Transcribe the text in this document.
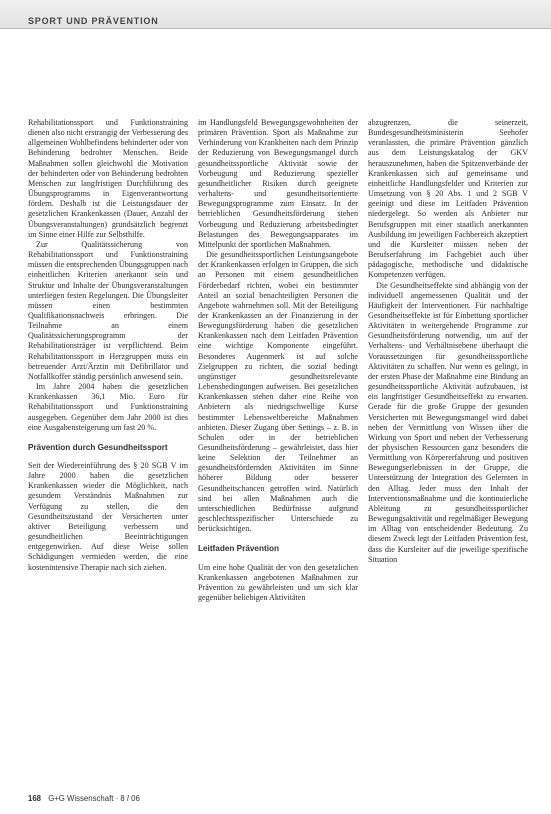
SPORT UND PRÄVENTION

Rehabilitationssport und Funktionstraining dienen also nicht erstrangig der Verbesserung des allgemeinen Wohlbefindens behinderter oder von Behinderung bedrohter Menschen. Beide Maßnahmen sollen gleichwohl die Motivation der behinderten oder von Behinderung bedrohten Menschen zur langfristigen Durchführung des Übungsprogramms in Eigenverantwortung fördern. Deshalb ist die Leistungsdauer der gesetzlichen Krankenkassen (Dauer, Anzahl der Übungsveranstaltungen) grundsätzlich begrenzt im Sinne einer Hilfe zur Selbsthilfe.

Zur Qualitätssicherung von Rehabilitationssport und Funktionstraining müssen die entsprechenden Übungsgruppen nach einheitlichen Kriterien anerkannt sein und Struktur und Inhalte der Übungsveranstaltungen unterliegen festen Regelungen. Die Übungsleiter müssen einen bestimmten Qualifikationsnachweis erbringen. Die Teilnahme an einem Qualitätssicherungsprogramm der Rehabilitationsträger ist verpflichtend. Beim Rehabilitationssport in Herzgruppen muss ein betreuender Arzt/Ärztin mit Defibrillator und Notfallkoffer ständig persönlich anwesend sein.

Im Jahre 2004 haben die gesetzlichen Krankenkassen 36,1 Mio. Euro für Rehabilitationssport und Funktionstraining ausgegeben. Gegenüber dem Jahr 2000 ist dies eine Ausgabensteigerung um fast 20 %.

Prävention durch Gesundheitssport

Seit der Wiedereinführung des § 20 SGB V im Jahre 2000 haben die gesetzlichen Krankenkassen wieder die Möglichkeit, nach gesundem Verständnis Maßnahmen zur Verfügung zu stellen, die den Gesundheitszustand der Versicherten unter aktiver Beteiligung verbessern und gesundheitlichen Beeinträchtigungen entgegenwirken. Auf diese Weise sollen Schädigungen vermieden werden, die eine kostenintensive Therapie nach sich ziehen.

im Handlungsfeld Bewegungsgewohnheiten der primären Prävention. Sport als Maßnahme zur Verhinderung von Krankheiten nach dem Prinzip der Reduzierung von Bewegungsmangel durch gesundheitssportliche Aktivität sowie der Vorbeugung und Reduzierung spezieller gesundheitlicher Risiken durch geeignete verhaltens- und gesundheitsorientierte Bewegungsprogramme zum Einsatz. In der betrieblichen Gesundheitsförderung stehen Vorbeugung und Reduzierung arbeitsbedingter Belastungen des Bewegungsapparates im Mittelpunkt der sportlichen Maßnahmen.

Die gesundheitssportlichen Leistungsangebote der Krankenkassen erfolgen in Gruppen, die sich an Personen mit einem gesundheitlichen Förderbedarf richten, wobei ein bestimmter Anteil an sozial benachteiligten Personen die Angebote wahrnehmen soll. Mit der Beteiligung der Krankenkassen an der Finanzierung in der Bewegungsförderung haben die gesetzlichen Krankenkassen nach dem Leitfaden Prävention eine wichtige Komponente eingeführt. Besonderes Augenmerk ist auf solche Zielgruppen zu richten, die sozial bedingt ungünstiger gesundheitsrelevante Lebensbedingungen aufweisen. Bei gesetzlichen Krankenkassen stehen daher eine Reihe von Anbietern als niedrigschwellige Kurse bestimmter Lebensweltbereiche Maßnahmen anbieten. Dieser Zugang über Settings – z. B. in Schulen oder in der betrieblichen Gesundheitsförderung – gewährleistet, dass hier keine Selektion der Teilnehmer an gesundheitsfördernden Aktivitäten im Sinne höherer Bildung oder besserer Gesundheitschancen getroffen wird. Natürlich sind bei allen Maßnahmen auch die unterschiedlichen Bedürfnisse aufgrund geschlechtsspezifischer Unterschiede zu berücksichtigen.

Leitfaden Prävention

Um eine hohe Qualität der von den gesetzlichen Krankenkassen angebotenen Maßnahmen zur Prävention zu gewährleisten und um sich klar gegenüber beliebigen Aktivitäten

abzugrenzen, die seinerzeit, Bundesgesundheitsministerin Seehofer veranlassten, die primäre Prävention gänzlich aus dem Leistungskatalog der GKV herauszunehmen, haben die Spitzenverbände der Krankenkassen sich auf gemeinsame und einheitliche Handlungsfelder und Kriterien zur Umsetzung von § 20 Abs. 1 und 2 SGB V geeinigt und diese im Leitfaden Prävention niedergelegt. So werden als Anbieter nur Berufsgruppen mit einer staatlich anerkannten Ausbildung im jeweiligen Fachbereich akzeptiert und die Kursleiter müssen neben der Berufserfahrung im Fachgebiet auch über pädagogische, methodische und didaktische Kompetenzen verfügen.

Die Gesundheitseffekte sind abhängig von der individuell angemessenen Qualität und der Häufigkeit der Interventionen. Für nachhaltige Gesundheitseffekte ist für Einbettung sportlicher Aktivitäten in weitergehende Programme zur Gesundheitsförderung notwendig, um auf der Verhaltens- und Verhältnisebene überhaupt die Voraussetzungen für gesundheitssportliche Aktivitäten zu schaffen. Nur wenn es gelingt, in der ersten Phase der Maßnahme eine Bindung an gesundheitssportliche Aktivität aufzubauen, ist ein langfristiger Gesundheitseffekt zu erwarten. Gerade für die große Gruppe der gesunden Versicherten mit Bewegungsmangel wird dabei neben der Vermittlung von Wissen über die Wirkung von Sport und neben der Verbesserung der physischen Ressourcen ganz besonders die Vermittlung von Körpererfahrung und positiven Bewegungserlebnissen in der Gruppe, die Unterstützung der Integration des Gelernten in den Alltag. Jeder muss den Inhalt der Interventionsmaßnahme und die kontinuierliche Ableitung zu gesundheitssportlicher Bewegungsaktivität und regelmäßiger Bewegung im Alltag von entscheidender Bedeutung. Zu diesem Zweck legt der Leitfaden Prävention fest, dass die Kursleiter auf die jeweilige spezifische Situation

168 G+G Wissenschaft · 8 / 06
